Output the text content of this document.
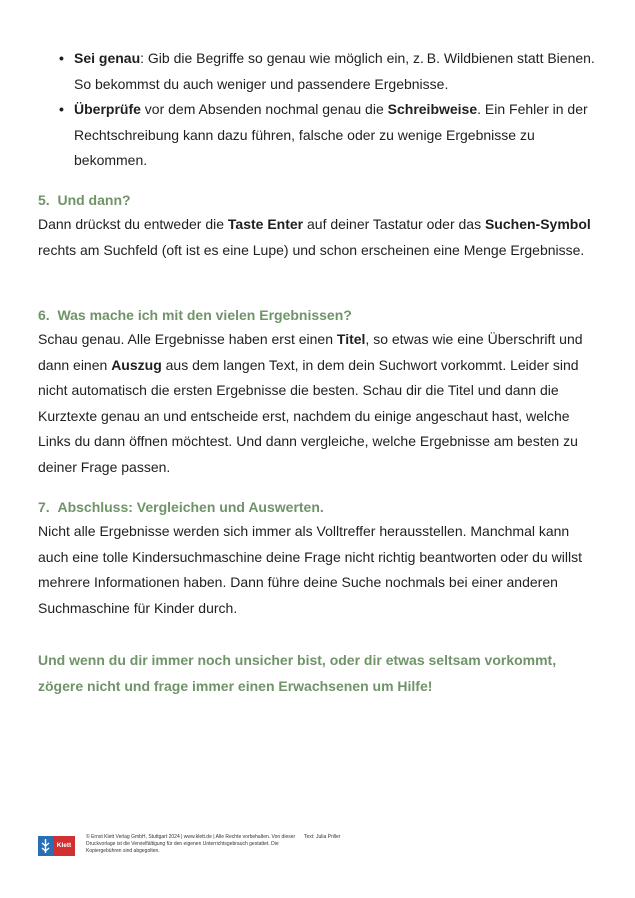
• Sei genau: Gib die Begriffe so genau wie möglich ein, z. B. Wildbienen statt Bienen. So bekommst du auch weniger und passendere Ergebnisse.
• Überprüfe vor dem Absenden nochmal genau die Schreibweise. Ein Fehler in der Rechtschreibung kann dazu führen, falsche oder zu wenige Ergebnisse zu bekommen.
5.  Und dann?

Dann drückst du entweder die Taste Enter auf deiner Tastatur oder das Suchen-Symbol rechts am Suchfeld (oft ist es eine Lupe) und schon erscheinen eine Menge Ergebnisse.

6.  Was mache ich mit den vielen Ergebnissen?

Schau genau. Alle Ergebnisse haben erst einen Titel, so etwas wie eine Überschrift und dann einen Auszug aus dem langen Text, in dem dein Suchwort vorkommt. Leider sind nicht automatisch die ersten Ergebnisse die besten. Schau dir die Titel und dann die Kurztexte genau an und entscheide erst, nachdem du einige angeschaut hast, welche Links du dann öffnen möchtest. Und dann vergleiche, welche Ergebnisse am besten zu deiner Frage passen.

7.  Abschluss: Vergleichen und Auswerten.

Nicht alle Ergebnisse werden sich immer als Volltreffer herausstellen. Manchmal kann auch eine tolle Kindersuchmaschine deine Frage nicht richtig beantworten oder du willst mehrere Informationen haben. Dann führe deine Suche nochmals bei einer anderen Suchmaschine für Kinder durch.

Und wenn du dir immer noch unsicher bist, oder dir etwas seltsam vorkommt, zögere nicht und frage immer einen Erwachsenen um Hilfe!

Klett
© Ernst Klett Verlag GmbH, Stuttgart 2024 | www.klett.de | Alle Rechte vorbehalten. Von dieser Druckvorlage ist die Vervielfältigung für den eigenen Unterrichtsgebrauch gestattet. Die Kopiergebühren sind abgegolten.
Text: Julia Priller
